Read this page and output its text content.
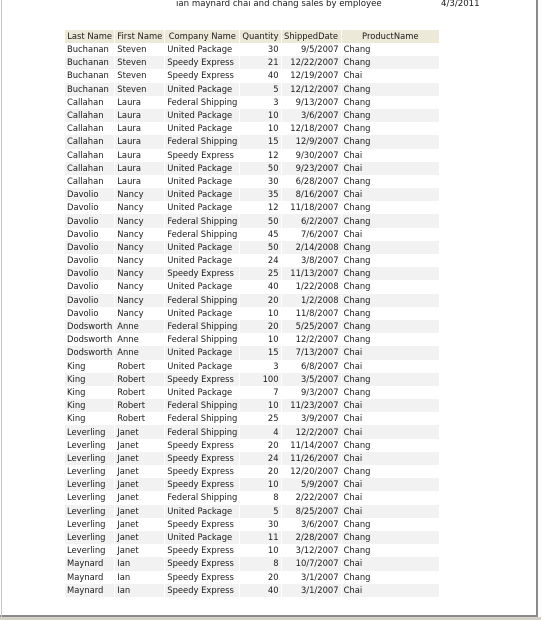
ian maynard chai and chang sales by employee	4/3/2011
Last Name	First Name	Company Name	Quantity	ShippedDate	ProductName
Buchanan	Steven	United Package	30	9/5/2007	Chang
Buchanan	Steven	Speedy Express	21	12/22/2007	Chang
Buchanan	Steven	Speedy Express	40	12/19/2007	Chai
Buchanan	Steven	United Package	5	12/12/2007	Chang
Callahan	Laura	Federal Shipping	3	9/13/2007	Chang
Callahan	Laura	United Package	10	3/6/2007	Chang
Callahan	Laura	United Package	10	12/18/2007	Chang
Callahan	Laura	Federal Shipping	15	12/9/2007	Chang
Callahan	Laura	Speedy Express	12	9/30/2007	Chai
Callahan	Laura	United Package	50	9/23/2007	Chai
Callahan	Laura	United Package	30	6/28/2007	Chang
Davolio	Nancy	United Package	35	8/16/2007	Chai
Davolio	Nancy	United Package	12	11/18/2007	Chang
Davolio	Nancy	Federal Shipping	50	6/2/2007	Chang
Davolio	Nancy	Federal Shipping	45	7/6/2007	Chai
Davolio	Nancy	United Package	50	2/14/2008	Chang
Davolio	Nancy	United Package	24	3/8/2007	Chang
Davolio	Nancy	Speedy Express	25	11/13/2007	Chang
Davolio	Nancy	United Package	40	1/22/2008	Chang
Davolio	Nancy	Federal Shipping	20	1/2/2008	Chang
Davolio	Nancy	United Package	10	11/8/2007	Chang
Dodsworth	Anne	Federal Shipping	20	5/25/2007	Chang
Dodsworth	Anne	Federal Shipping	10	12/2/2007	Chang
Dodsworth	Anne	United Package	15	7/13/2007	Chai
King	Robert	United Package	3	6/8/2007	Chai
King	Robert	Speedy Express	100	3/5/2007	Chang
King	Robert	United Package	7	9/3/2007	Chang
King	Robert	Federal Shipping	10	11/23/2007	Chai
King	Robert	Federal Shipping	25	3/9/2007	Chai
Leverling	Janet	Federal Shipping	4	12/2/2007	Chai
Leverling	Janet	Speedy Express	20	11/14/2007	Chang
Leverling	Janet	Speedy Express	24	11/26/2007	Chai
Leverling	Janet	Speedy Express	20	12/20/2007	Chang
Leverling	Janet	Speedy Express	10	5/9/2007	Chai
Leverling	Janet	Federal Shipping	8	2/22/2007	Chai
Leverling	Janet	United Package	5	8/25/2007	Chai
Leverling	Janet	Speedy Express	30	3/6/2007	Chang
Leverling	Janet	United Package	11	2/28/2007	Chang
Leverling	Janet	Speedy Express	10	3/12/2007	Chang
Maynard	Ian	Speedy Express	8	10/7/2007	Chai
Maynard	Ian	Speedy Express	20	3/1/2007	Chang
Maynard	Ian	Speedy Express	40	3/1/2007	Chai
